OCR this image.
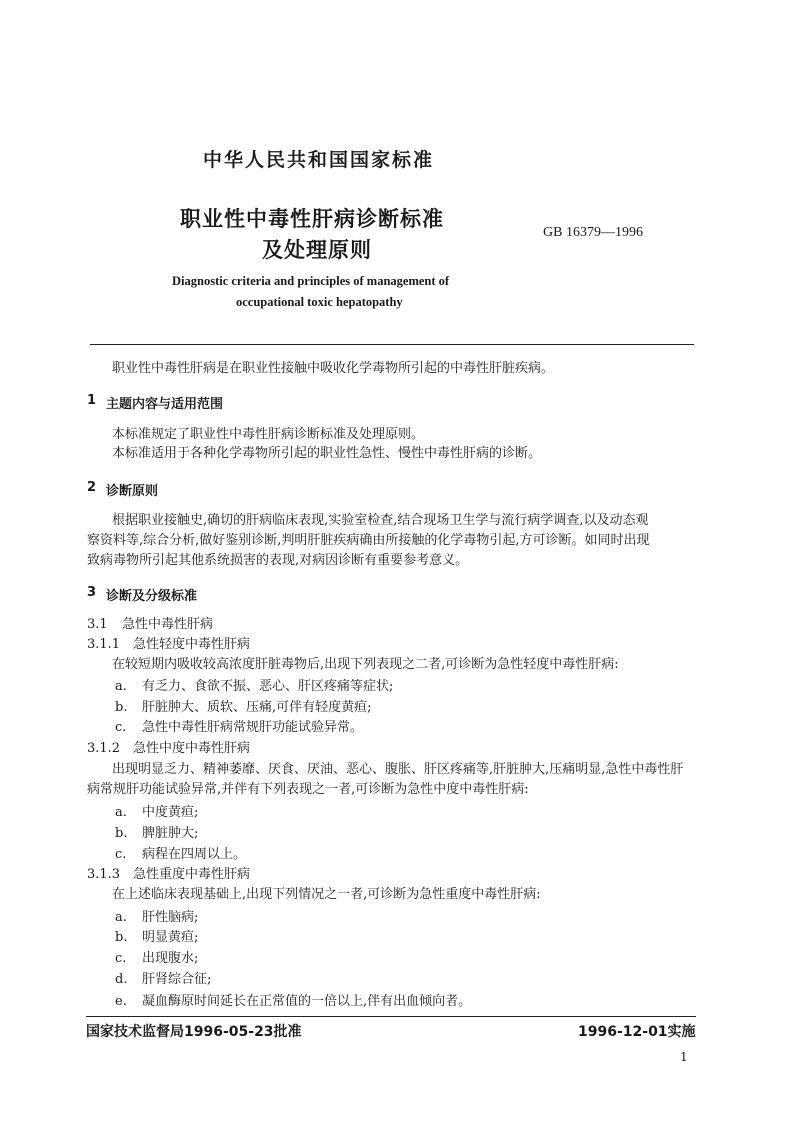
中华人民共和国国家标准
职业性中毒性肝病诊断标准
及处理原则
GB 16379—1996
Diagnostic criteria and principles of management of
occupational toxic hepatopathy
职业性中毒性肝病是在职业性接触中吸收化学毒物所引起的中毒性肝脏疾病。
1 主题内容与适用范围
本标准规定了职业性中毒性肝病诊断标准及处理原则。
本标准适用于各种化学毒物所引起的职业性急性、慢性中毒性肝病的诊断。
2 诊断原则
根据职业接触史,确切的肝病临床表现,实验室检查,结合现场卫生学与流行病学调查,以及动态观
察资料等,综合分析,做好鉴别诊断,判明肝脏疾病确由所接触的化学毒物引起,方可诊断。如同时出现
致病毒物所引起其他系统损害的表现,对病因诊断有重要参考意义。
3 诊断及分级标准
3.1 急性中毒性肝病
3.1.1 急性轻度中毒性肝病
在较短期内吸收较高浓度肝脏毒物后,出现下列表现之二者,可诊断为急性轻度中毒性肝病:
a. 有乏力、食欲不振、恶心、肝区疼痛等症状;
b. 肝脏肿大、质软、压痛,可伴有轻度黄疸;
c. 急性中毒性肝病常规肝功能试验异常。
3.1.2 急性中度中毒性肝病
出现明显乏力、精神萎靡、厌食、厌油、恶心、腹胀、肝区疼痛等,肝脏肿大,压痛明显,急性中毒性肝
病常规肝功能试验异常,并伴有下列表现之一者,可诊断为急性中度中毒性肝病:
a. 中度黄疸;
b. 脾脏肿大;
c. 病程在四周以上。
3.1.3 急性重度中毒性肝病
在上述临床表现基础上,出现下列情况之一者,可诊断为急性重度中毒性肝病:
a. 肝性脑病;
b. 明显黄疸;
c. 出现腹水;
d. 肝肾综合征;
e. 凝血酶原时间延长在正常值的一倍以上,伴有出血倾向者。
国家技术监督局1996-05-23批准	1996-12-01实施
1
